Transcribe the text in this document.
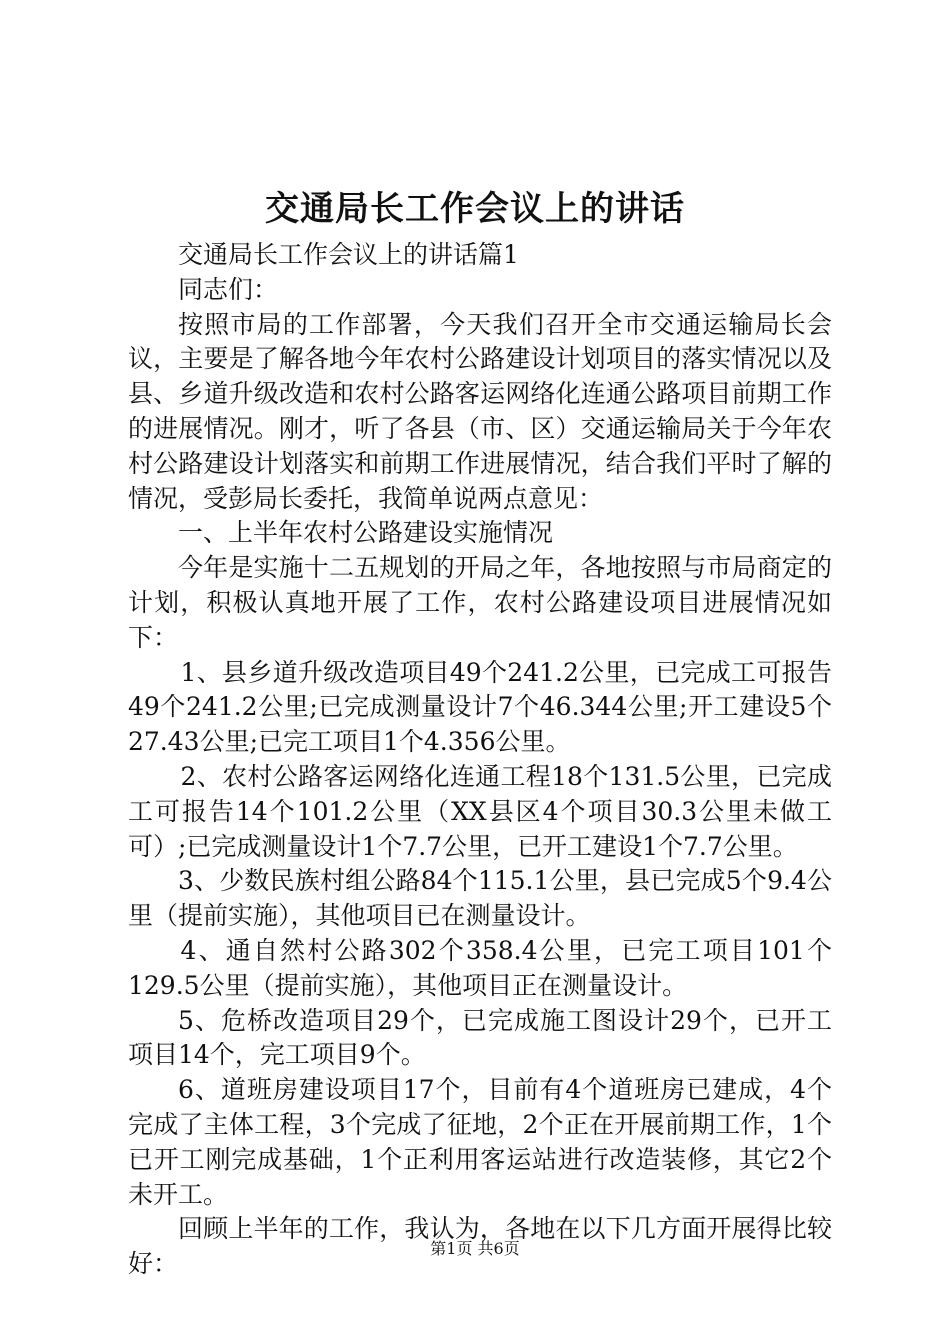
交通局长工作会议上的讲话

交通局长工作会议上的讲话篇1

同志们：

按照市局的工作部署，今天我们召开全市交通运输局长会议，主要是了解各地今年农村公路建设计划项目的落实情况以及县、乡道升级改造和农村公路客运网络化连通公路项目前期工作的进展情况。刚才，听了各县（市、区）交通运输局关于今年农村公路建设计划落实和前期工作进展情况，结合我们平时了解的情况，受彭局长委托，我简单说两点意见：

一、上半年农村公路建设实施情况

今年是实施十二五规划的开局之年，各地按照与市局商定的计划，积极认真地开展了工作，农村公路建设项目进展情况如下：

1、县乡道升级改造项目49个241.2公里，已完成工可报告49个241.2公里;已完成测量设计7个46.344公里;开工建设5个27.43公里;已完工项目1个4.356公里。

2、农村公路客运网络化连通工程18个131.5公里，已完成工可报告14个101.2公里（XX县区4个项目30.3公里未做工可）;已完成测量设计1个7.7公里，已开工建设1个7.7公里。

3、少数民族村组公路84个115.1公里，县已完成5个9.4公里（提前实施），其他项目已在测量设计。

4、通自然村公路302个358.4公里，已完工项目101个129.5公里（提前实施），其他项目正在测量设计。

5、危桥改造项目29个，已完成施工图设计29个，已开工项目14个，完工项目9个。

6、道班房建设项目17个，目前有4个道班房已建成，4个完成了主体工程，3个完成了征地，2个正在开展前期工作，1个已开工刚完成基础，1个正利用客运站进行改造装修，其它2个未开工。

回顾上半年的工作，我认为，各地在以下几方面开展得比较好：

第1页 共6页
